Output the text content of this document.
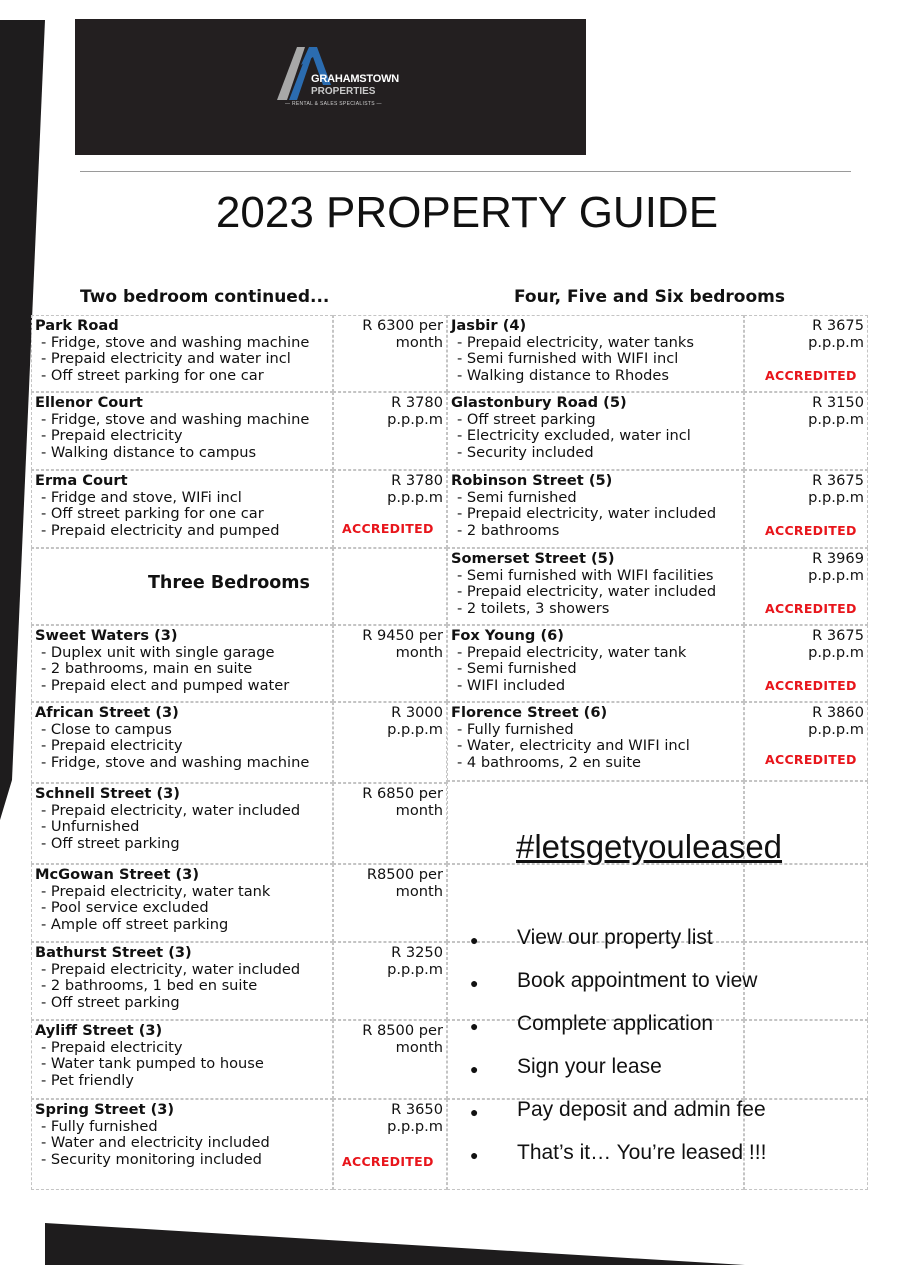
GRAHAMSTOWN
PROPERTIES
— RENTAL & SALES SPECIALISTS —
2023 PROPERTY GUIDE
Two bedroom continued...	Four, Five and Six bedrooms
Park Road
- Fridge, stove and washing machine
- Prepaid electricity and water incl
- Off street parking for one car
R 6300 per
month
Ellenor Court
- Fridge, stove and washing machine
- Prepaid electricity
- Walking distance to campus
R 3780
p.p.p.m
Erma Court
- Fridge and stove, WIFi incl
- Off street parking for one car
- Prepaid electricity and pumped
R 3780
p.p.p.m
ACCREDITED
Three Bedrooms
Sweet Waters (3)
- Duplex unit with single garage
- 2 bathrooms, main en suite
- Prepaid elect and pumped water
R 9450 per
month
African Street (3)
- Close to campus
- Prepaid electricity
- Fridge, stove and washing machine
R 3000
p.p.p.m
Schnell Street (3)
- Prepaid electricity, water included
- Unfurnished
- Off street parking
R 6850 per
month
McGowan Street (3)
- Prepaid electricity, water tank
- Pool service excluded
- Ample off street parking
R8500 per
month
Bathurst Street (3)
- Prepaid electricity, water included
- 2 bathrooms, 1 bed en suite
- Off street parking
R 3250
p.p.p.m
Ayliff Street (3)
- Prepaid electricity
- Water tank pumped to house
- Pet friendly
R 8500 per
month
Spring Street (3)
- Fully furnished
- Water and electricity included
- Security monitoring included
R 3650
p.p.p.m
ACCREDITED
Jasbir (4)
- Prepaid electricity, water tanks
- Semi furnished with WIFI incl
- Walking distance to Rhodes
R 3675
p.p.p.m
ACCREDITED
Glastonbury Road (5)
- Off street parking
- Electricity excluded, water incl
- Security included
R 3150
p.p.p.m
Robinson Street (5)
- Semi furnished
- Prepaid electricity, water included
- 2 bathrooms
R 3675
p.p.p.m
ACCREDITED
Somerset Street (5)
- Semi furnished with WIFI facilities
- Prepaid electricity, water included
- 2 toilets, 3 showers
R 3969
p.p.p.m
ACCREDITED
Fox Young (6)
- Prepaid electricity, water tank
- Semi furnished
- WIFI included
R 3675
p.p.p.m
ACCREDITED
Florence Street (6)
- Fully furnished
- Water, electricity and WIFI incl
- 4 bathrooms, 2 en suite
R 3860
p.p.p.m
ACCREDITED
#letsgetyouleased
● View our property list
● Book appointment to view
● Complete application
● Sign your lease
● Pay deposit and admin fee
● That’s it… You’re leased !!!
